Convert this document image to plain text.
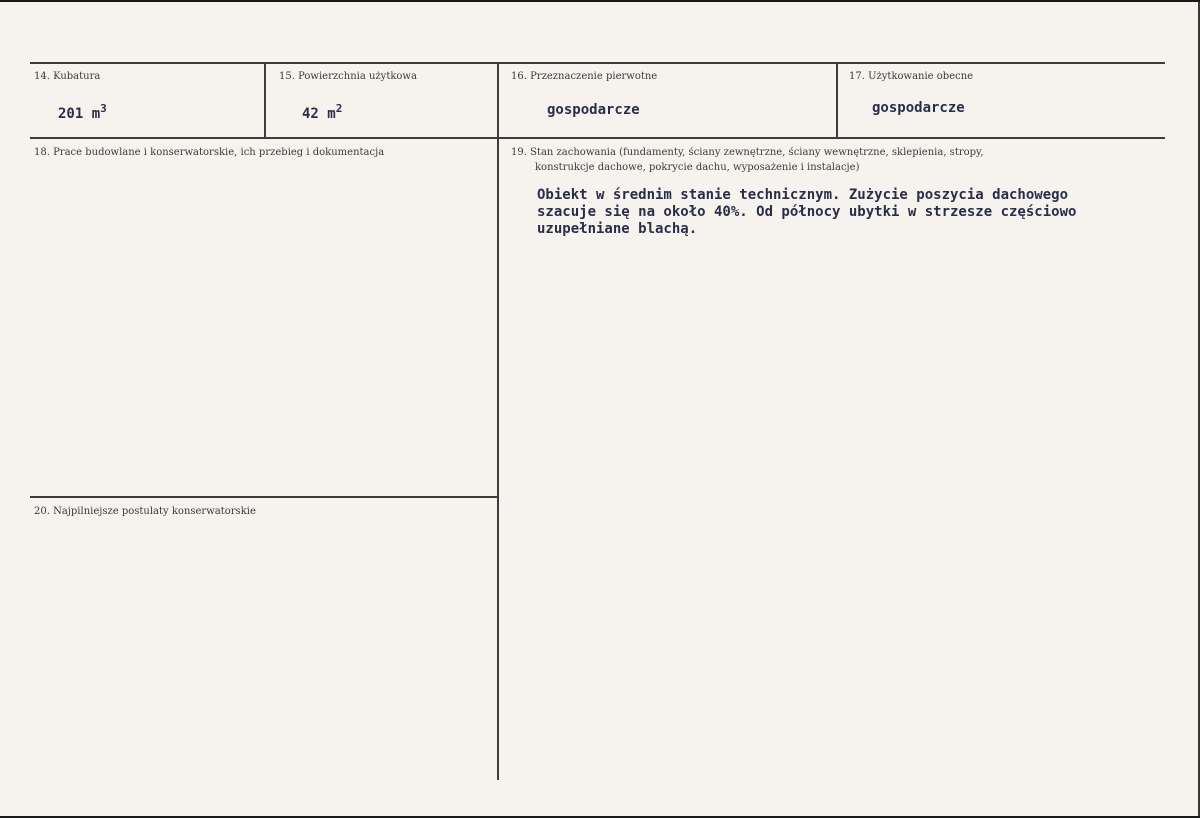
14. Kubatura
201 $m^3$
15. Powierzchnia użytkowa
42 $m^2$
16. Przeznaczenie pierwotne
gospodarcze
17. Użytkowanie obecne
gospodarcze
18. Prace budowlane i konserwatorskie, ich przebieg i dokumentacja	19. Stan zachowania (fundamenty, ściany zewnętrzne, ściany wewnętrzne, sklepienia, stropy,
konstrukcje dachowe, pokrycie dachu, wyposażenie i instalacje)
Obiekt w średnim stanie technicznym. Zużycie poszycia dachowego
szacuje się na około 40%. Od północy ubytki w strzesze częściowo
uzupełniane blachą.
20. Najpilniejsze postulaty konserwatorskie
